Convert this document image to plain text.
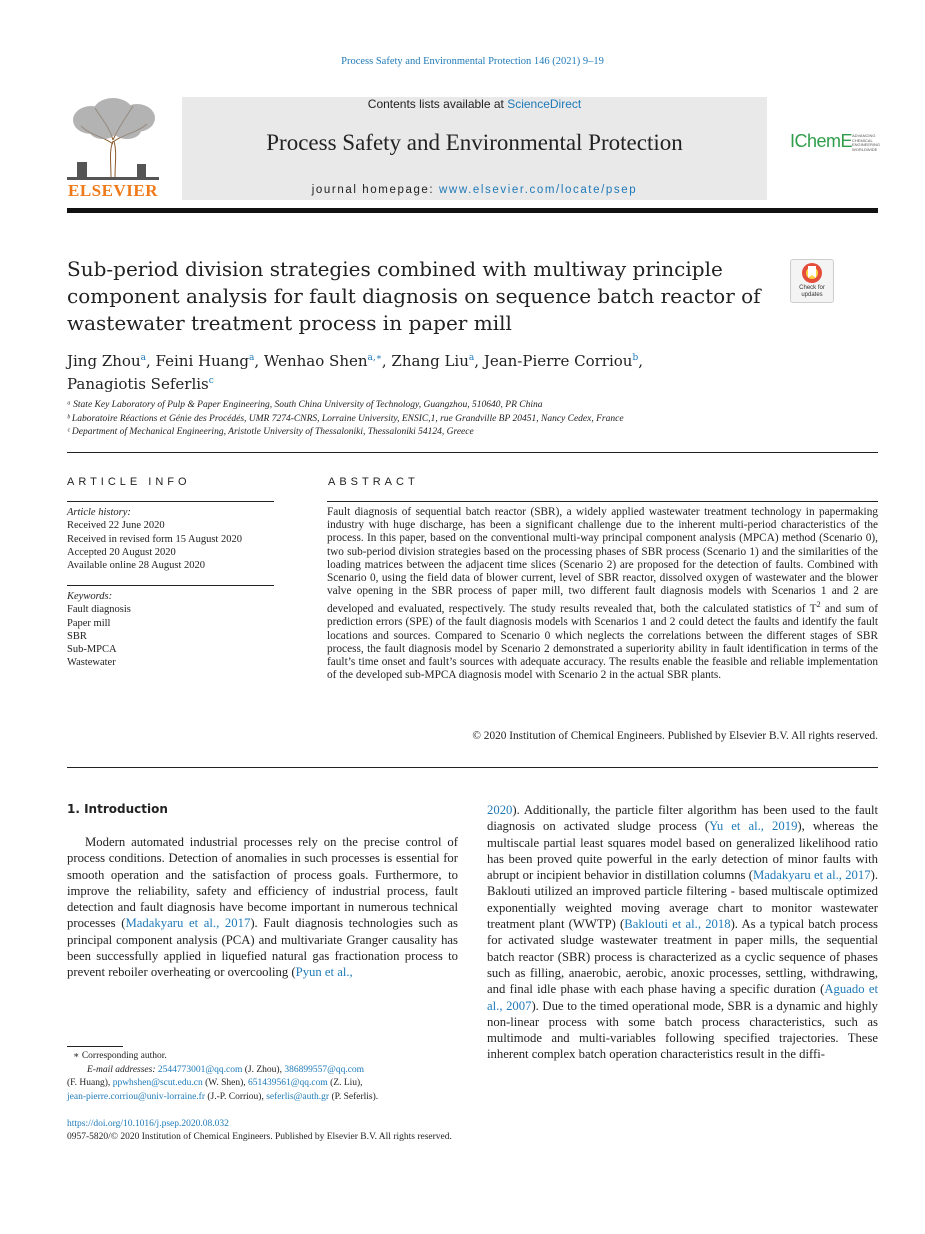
Process Safety and Environmental Protection 146 (2021) 9–19
ELSEVIER
Contents lists available at ScienceDirect
Process Safety and Environmental Protection
journal homepage: www.elsevier.com/locate/psep
IChemE ADVANCING
CHEMICAL
ENGINEERING
WORLDWIDE
Sub-period division strategies combined with multiway principle component analysis for fault diagnosis on sequence batch reactor of wastewater treatment process in paper mill
Check for
updates
Jing Zhou$^a$, Feini Huang$^a$, Wenhao Shen$^{a,∗}$, Zhang Liu$^a$, Jean-Pierre Corriou$^b$,
Panagiotis Seferlis$^c$
ᵃ State Key Laboratory of Pulp & Paper Engineering, South China University of Technology, Guangzhou, 510640, PR China
ᵇ Laboratoire Réactions et Génie des Procédés, UMR 7274-CNRS, Lorraine University, ENSIC,1, rue Grandville BP 20451, Nancy Cedex, France
ᶜ Department of Mechanical Engineering, Aristotle University of Thessaloniki, Thessaloniki 54124, Greece
ARTICLE INFO	ABSTRACT
Article history:
Received 22 June 2020
Received in revised form 15 August 2020
Accepted 20 August 2020
Available online 28 August 2020
Keywords:
Fault diagnosis
Paper mill
SBR
Sub-MPCA
Wastewater
Fault diagnosis of sequential batch reactor (SBR), a widely applied wastewater treatment technology in papermaking industry with huge discharge, has been a significant challenge due to the inherent multi-period characteristics of the process. In this paper, based on the conventional multi-way principal component analysis (MPCA) method (Scenario 0), two sub-period division strategies based on the processing phases of SBR process (Scenario 1) and the similarities of the loading matrices between the adjacent time slices (Scenario 2) are proposed for the detection of faults. Combined with Scenario 0, using the field data of blower current, level of SBR reactor, dissolved oxygen of wastewater and the blower valve opening in the SBR process of paper mill, two different fault diagnosis models with Scenarios 1 and 2 are developed and evaluated, respectively. The study results revealed that, both the calculated statistics of $T^2$ and sum of prediction errors (SPE) of the fault diagnosis models with Scenarios 1 and 2 could detect the faults and identify the fault locations and sources. Compared to Scenario 0 which neglects the correlations between the different stages of SBR process, the fault diagnosis model by Scenario 2 demonstrated a superiority ability in fault identification in terms of the fault’s time onset and fault’s sources with adequate accuracy. The results enable the feasible and reliable implementation of the developed sub-MPCA diagnosis model with Scenario 2 in the actual SBR plants.
© 2020 Institution of Chemical Engineers. Published by Elsevier B.V. All rights reserved.
1. Introduction
Modern automated industrial processes rely on the precise control of process conditions. Detection of anomalies in such processes is essential for smooth operation and the satisfaction of process goals. Furthermore, to improve the reliability, safety and efficiency of industrial process, fault detection and fault diagnosis have become important in numerous technical processes (Madakyaru et al., 2017). Fault diagnosis technologies such as principal component analysis (PCA) and multivariate Granger causality has been successfully applied in liquefied natural gas fractionation process to prevent reboiler overheating or overcooling (Pyun et al.,
2020). Additionally, the particle filter algorithm has been used to the fault diagnosis on activated sludge process (Yu et al., 2019), whereas the multiscale partial least squares model based on generalized likelihood ratio has been proved quite powerful in the early detection of minor faults with abrupt or incipient behavior in distillation columns (Madakyaru et al., 2017). Baklouti utilized an improved particle filtering - based multiscale optimized exponentially weighted moving average chart to monitor wastewater treatment plant (WWTP) (Baklouti et al., 2018). As a typical batch process for activated sludge wastewater treatment in paper mills, the sequential batch reactor (SBR) process is characterized as a cyclic sequence of phases such as filling, anaerobic, aerobic, anoxic processes, settling, withdrawing, and final idle phase with each phase having a specific duration (Aguado et al., 2007). Due to the timed operational mode, SBR is a dynamic and highly non-linear process with some batch process characteristics, such as multimode and multi-variables following specified trajectories. These inherent complex batch operation characteristics result in the diffi-
∗ Corresponding author.
E-mail addresses: 2544773001@qq.com (J. Zhou), 386899557@qq.com
(F. Huang), ppwhshen@scut.edu.cn (W. Shen), 651439561@qq.com (Z. Liu),
jean-pierre.corriou@univ-lorraine.fr (J.-P. Corriou), seferlis@auth.gr (P. Seferlis).
https://doi.org/10.1016/j.psep.2020.08.032
0957-5820/© 2020 Institution of Chemical Engineers. Published by Elsevier B.V. All rights reserved.
